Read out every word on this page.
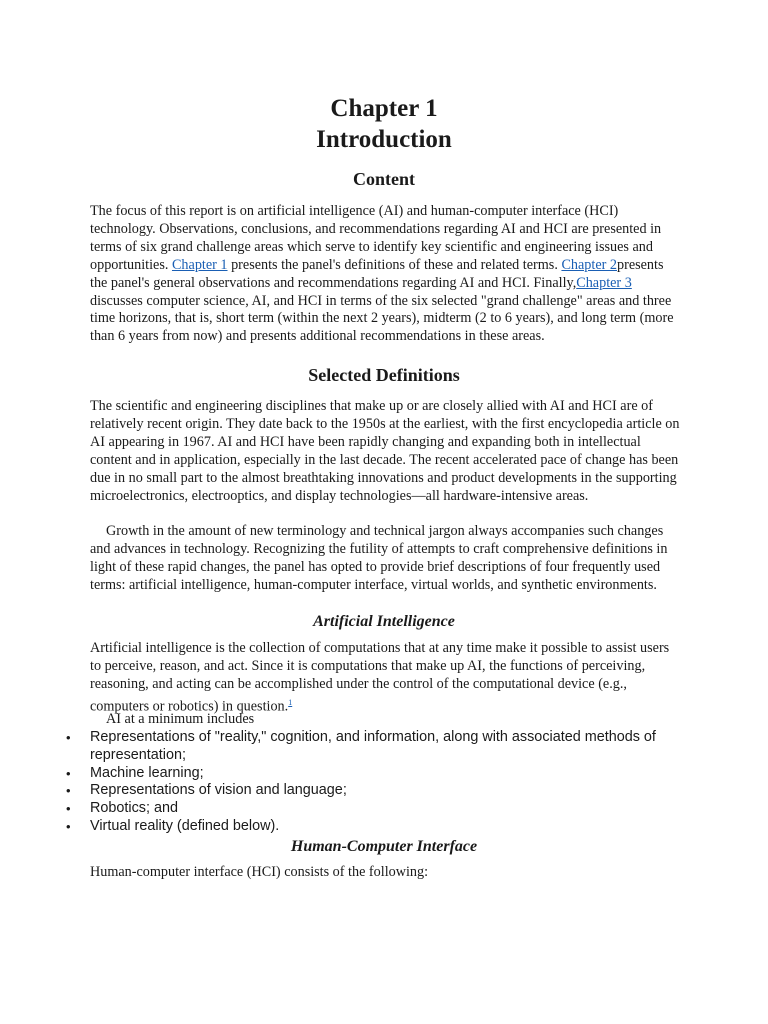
Chapter 1
Introduction
Content

The focus of this report is on artificial intelligence (AI) and human-computer interface (HCI) technology. Observations, conclusions, and recommendations regarding AI and HCI are presented in terms of six grand challenge areas which serve to identify key scientific and engineering issues and opportunities. Chapter 1 presents the panel's definitions of these and related terms. Chapter 2presents the panel's general observations and recommendations regarding AI and HCI. Finally,Chapter 3 discusses computer science, AI, and HCI in terms of the six selected "grand challenge" areas and three time horizons, that is, short term (within the next 2 years), midterm (2 to 6 years), and long term (more than 6 years from now) and presents additional recommendations in these areas.

Selected Definitions

The scientific and engineering disciplines that make up or are closely allied with AI and HCI are of relatively recent origin. They date back to the 1950s at the earliest, with the first encyclopedia article on AI appearing in 1967. AI and HCI have been rapidly changing and expanding both in intellectual content and in application, especially in the last decade. The recent accelerated pace of change has been due in no small part to the almost breathtaking innovations and product developments in the supporting microelectronics, electrooptics, and display technologies—all hardware-intensive areas.

Growth in the amount of new terminology and technical jargon always accompanies such changes and advances in technology. Recognizing the futility of attempts to craft comprehensive definitions in light of these rapid changes, the panel has opted to provide brief descriptions of four frequently used terms: artificial intelligence, human-computer interface, virtual worlds, and synthetic environments.

Artificial Intelligence

Artificial intelligence is the collection of computations that at any time make it possible to assist users to perceive, reason, and act. Since it is computations that make up AI, the functions of perceiving, reasoning, and acting can be accomplished under the control of the computational device (e.g., computers or robotics) in question.$^1$

AI at a minimum includes

• Representations of "reality," cognition, and information, along with associated methods of representation;
• Machine learning;
• Representations of vision and language;
• Robotics; and
• Virtual reality (defined below).
Human-Computer Interface

Human-computer interface (HCI) consists of the following:
